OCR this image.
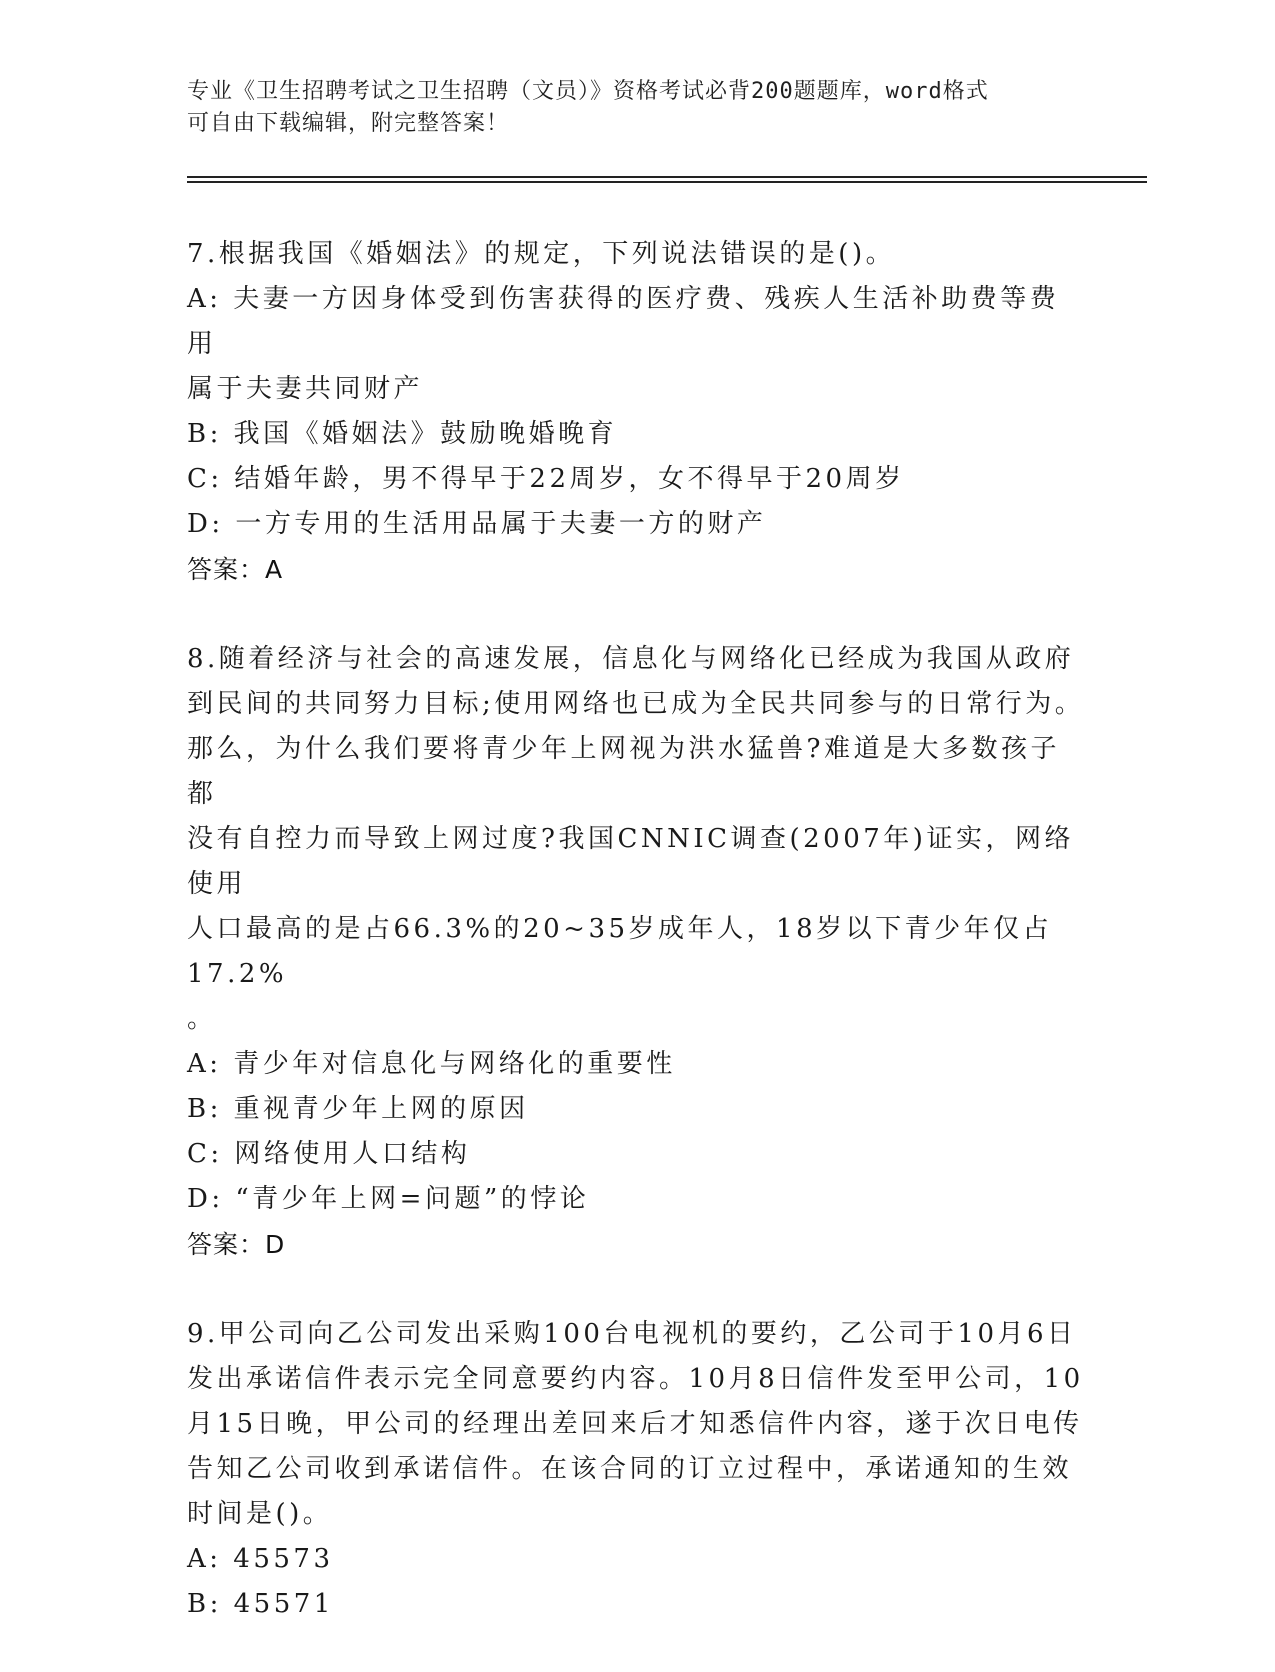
专业《卫生招聘考试之卫生招聘（文员）》资格考试必背200题题库，word格式
可自由下载编辑，附完整答案！

7.根据我国《婚姻法》的规定，下列说法错误的是()。

A: 夫妻一方因身体受到伤害获得的医疗费、残疾人生活补助费等费用

属于夫妻共同财产

B: 我国《婚姻法》鼓励晚婚晚育

C: 结婚年龄，男不得早于22周岁，女不得早于20周岁

D: 一方专用的生活用品属于夫妻一方的财产

答案：A

8.随着经济与社会的高速发展，信息化与网络化已经成为我国从政府

到民间的共同努力目标;使用网络也已成为全民共同参与的日常行为。

那么，为什么我们要将青少年上网视为洪水猛兽?难道是大多数孩子都

没有自控力而导致上网过度?我国CNNIC调查(2007年)证实，网络使用

人口最高的是占66.3%的20~35岁成年人，18岁以下青少年仅占17.2%

。

A: 青少年对信息化与网络化的重要性

B: 重视青少年上网的原因

C: 网络使用人口结构

D: “青少年上网=问题”的悖论

答案：D

9.甲公司向乙公司发出采购100台电视机的要约，乙公司于10月6日

发出承诺信件表示完全同意要约内容。10月8日信件发至甲公司，10

月15日晚，甲公司的经理出差回来后才知悉信件内容，遂于次日电传

告知乙公司收到承诺信件。在该合同的订立过程中，承诺通知的生效

时间是()。

A: 45573

B: 45571
